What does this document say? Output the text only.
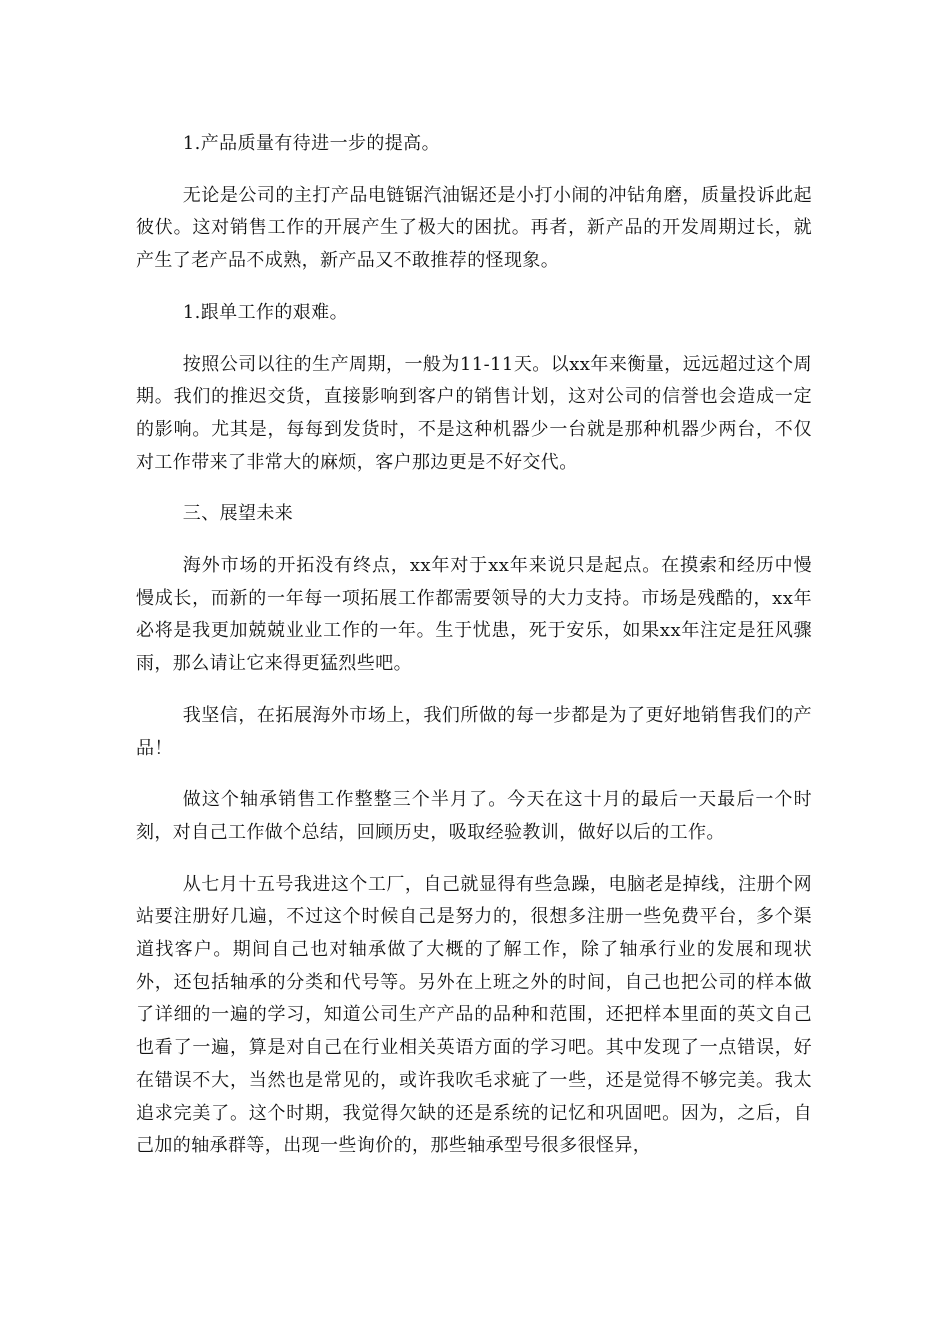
1.产品质量有待进一步的提高。

无论是公司的主打产品电链锯汽油锯还是小打小闹的冲钻角磨，质量投诉此起彼伏。这对销售工作的开展产生了极大的困扰。再者，新产品的开发周期过长，就产生了老产品不成熟，新产品又不敢推荐的怪现象。

1.跟单工作的艰难。

按照公司以往的生产周期，一般为11-11天。以xx年来衡量，远远超过这个周期。我们的推迟交货，直接影响到客户的销售计划，这对公司的信誉也会造成一定的影响。尤其是，每每到发货时，不是这种机器少一台就是那种机器少两台，不仅对工作带来了非常大的麻烦，客户那边更是不好交代。

三、展望未来

海外市场的开拓没有终点，xx年对于xx年来说只是起点。在摸索和经历中慢慢成长，而新的一年每一项拓展工作都需要领导的大力支持。市场是残酷的，xx年必将是我更加兢兢业业工作的一年。生于忧患，死于安乐，如果xx年注定是狂风骤雨，那么请让它来得更猛烈些吧。

我坚信，在拓展海外市场上，我们所做的每一步都是为了更好地销售我们的产品！

做这个轴承销售工作整整三个半月了。今天在这十月的最后一天最后一个时刻，对自己工作做个总结，回顾历史，吸取经验教训，做好以后的工作。

从七月十五号我进这个工厂，自己就显得有些急躁，电脑老是掉线，注册个网站要注册好几遍，不过这个时候自己是努力的，很想多注册一些免费平台，多个渠道找客户。期间自己也对轴承做了大概的了解工作，除了轴承行业的发展和现状外，还包括轴承的分类和代号等。另外在上班之外的时间，自己也把公司的样本做了详细的一遍的学习，知道公司生产产品的品种和范围，还把样本里面的英文自己也看了一遍，算是对自己在行业相关英语方面的学习吧。其中发现了一点错误，好在错误不大，当然也是常见的，或许我吹毛求疵了一些，还是觉得不够完美。我太追求完美了。这个时期，我觉得欠缺的还是系统的记忆和巩固吧。因为，之后，自己加的轴承群等，出现一些询价的，那些轴承型号很多很怪异，
